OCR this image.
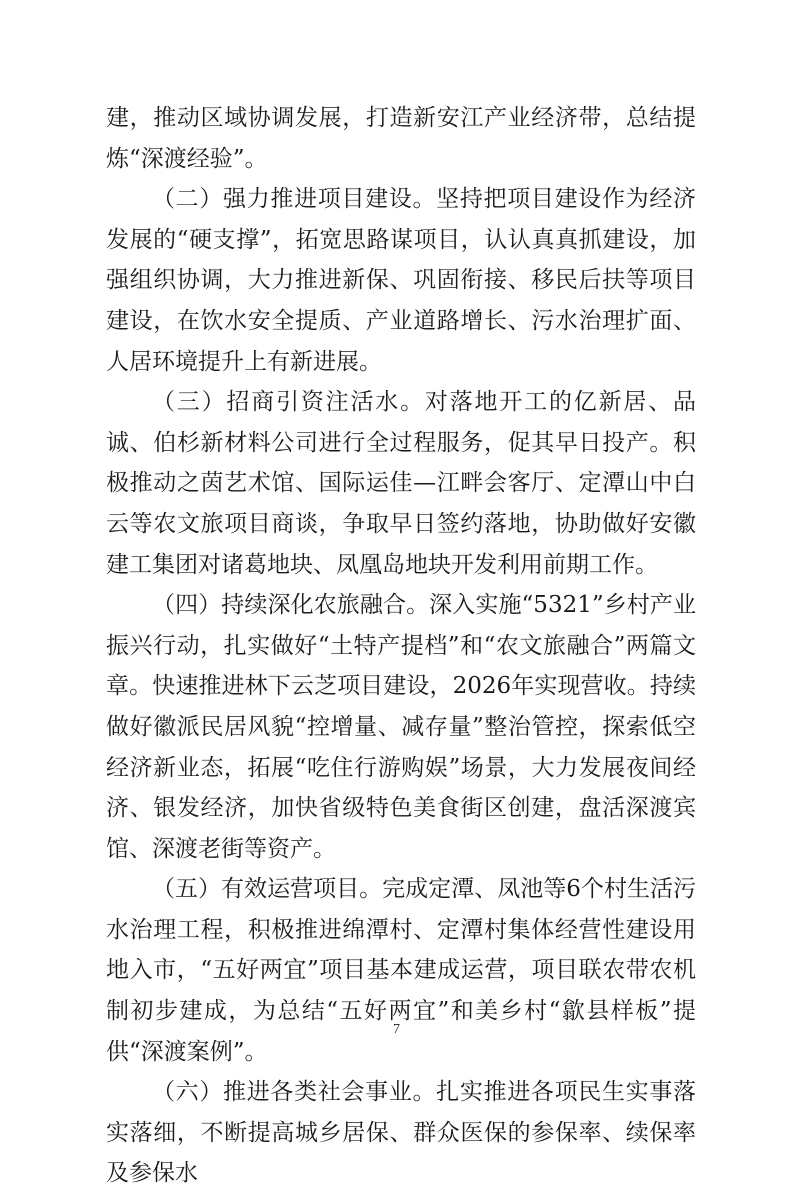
建，推动区域协调发展，打造新安江产业经济带，总结提炼“深渡经验”。

（二）强力推进项目建设。坚持把项目建设作为经济发展的“硬支撑”，拓宽思路谋项目，认认真真抓建设，加强组织协调，大力推进新保、巩固衔接、移民后扶等项目建设，在饮水安全提质、产业道路增长、污水治理扩面、人居环境提升上有新进展。

（三）招商引资注活水。对落地开工的亿新居、品诚、伯杉新材料公司进行全过程服务，促其早日投产。积极推动之茵艺术馆、国际运佳—江畔会客厅、定潭山中白云等农文旅项目商谈，争取早日签约落地，协助做好安徽建工集团对诸葛地块、凤凰岛地块开发利用前期工作。

（四）持续深化农旅融合。深入实施“5321”乡村产业振兴行动，扎实做好“土特产提档”和“农文旅融合”两篇文章。快速推进林下云芝项目建设，2026年实现营收。持续做好徽派民居风貌“控增量、减存量”整治管控，探索低空经济新业态，拓展“吃住行游购娱”场景，大力发展夜间经济、银发经济，加快省级特色美食街区创建，盘活深渡宾馆、深渡老街等资产。

（五）有效运营项目。完成定潭、凤池等6个村生活污水治理工程，积极推进绵潭村、定潭村集体经营性建设用地入市，“五好两宜”项目基本建成运营，项目联农带农机制初步建成，为总结“五好两宜”和美乡村“歙县样板”提供“深渡案例”。

（六）推进各类社会事业。扎实推进各项民生实事落实落细，不断提高城乡居保、群众医保的参保率、续保率及参保水

7
